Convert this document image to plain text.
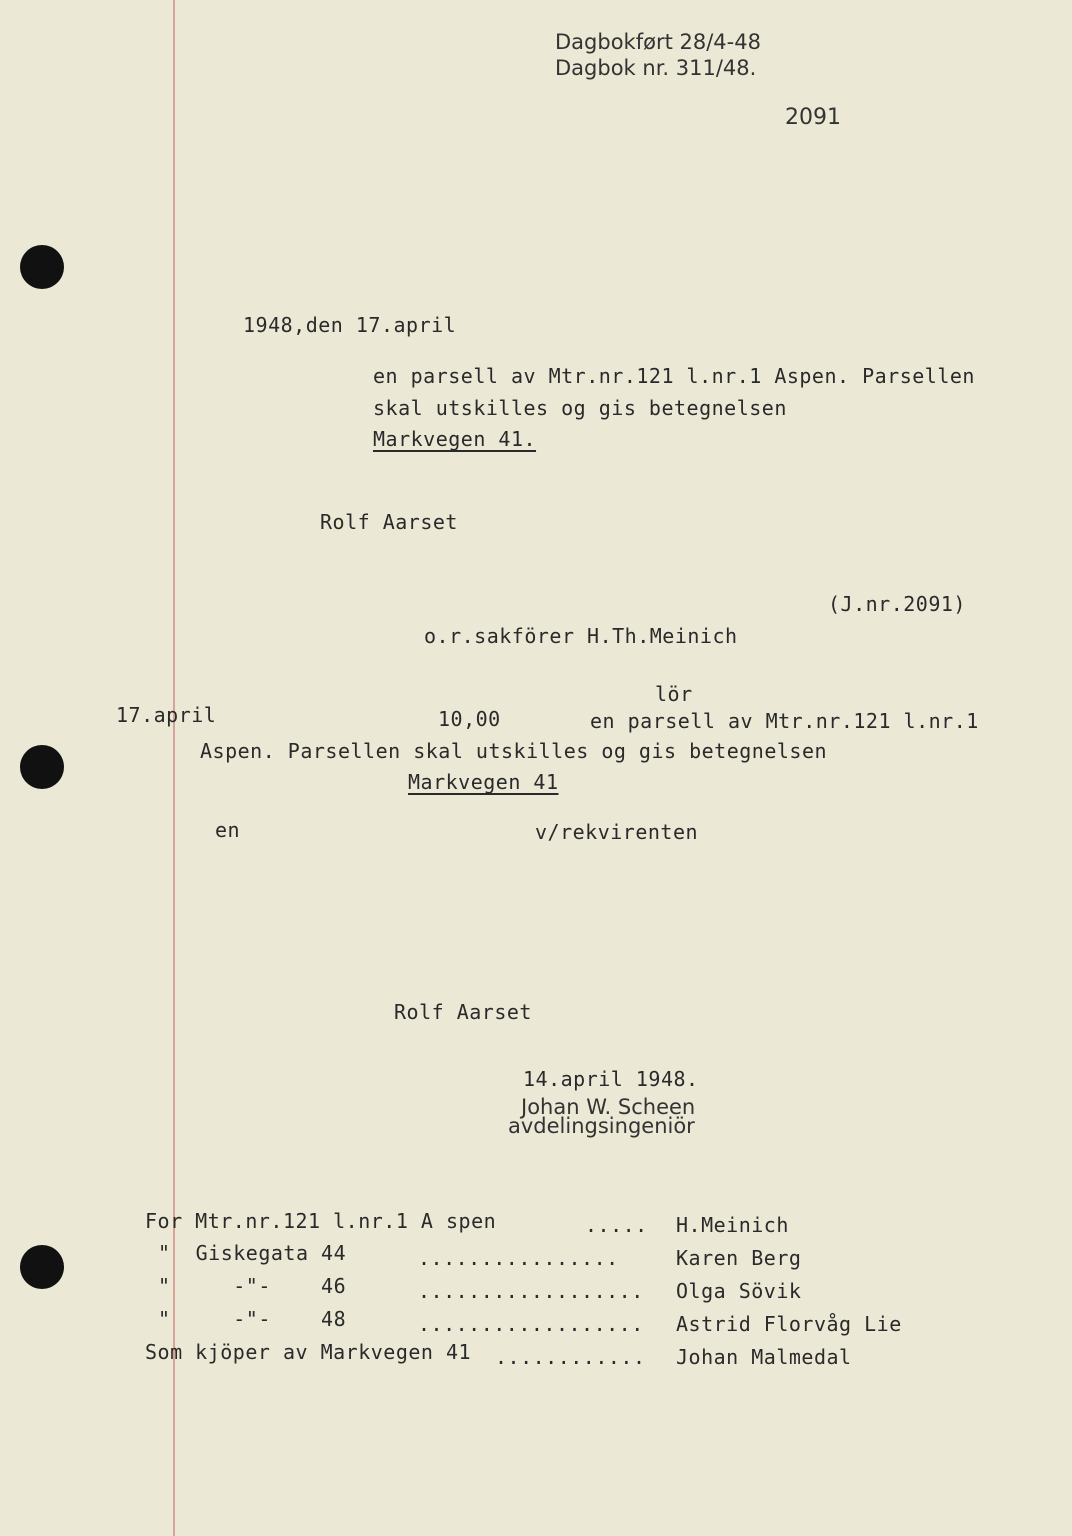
Dagbokført 28/4-48
Dagbok nr. 311/48.
2091
1948,den 17.april
en parsell av Mtr.nr.121 l.nr.1 Aspen. Parsellen
skal utskilles og gis betegnelsen
Markvegen 41.
Rolf Aarset
(J.nr.2091)
o.r.sakförer H.Th.Meinich
lör
17.april	10,00	en parsell av Mtr.nr.121 l.nr.1
Aspen. Parsellen skal utskilles og gis betegnelsen
Markvegen 41
en	v/rekvirenten
Rolf Aarset
14.april 1948.
Johan W. Scheen
avdelingsingeniör
For Mtr.nr.121 l.nr.1 A spen	..... H.Meinich
"  Giskegata 44	................	Karen Berg
"     -"-    46	.................. Olga Sövik
"     -"-    48	.................. Astrid Florvåg Lie
Som kjöper av Markvegen 41 ............ Johan Malmedal
